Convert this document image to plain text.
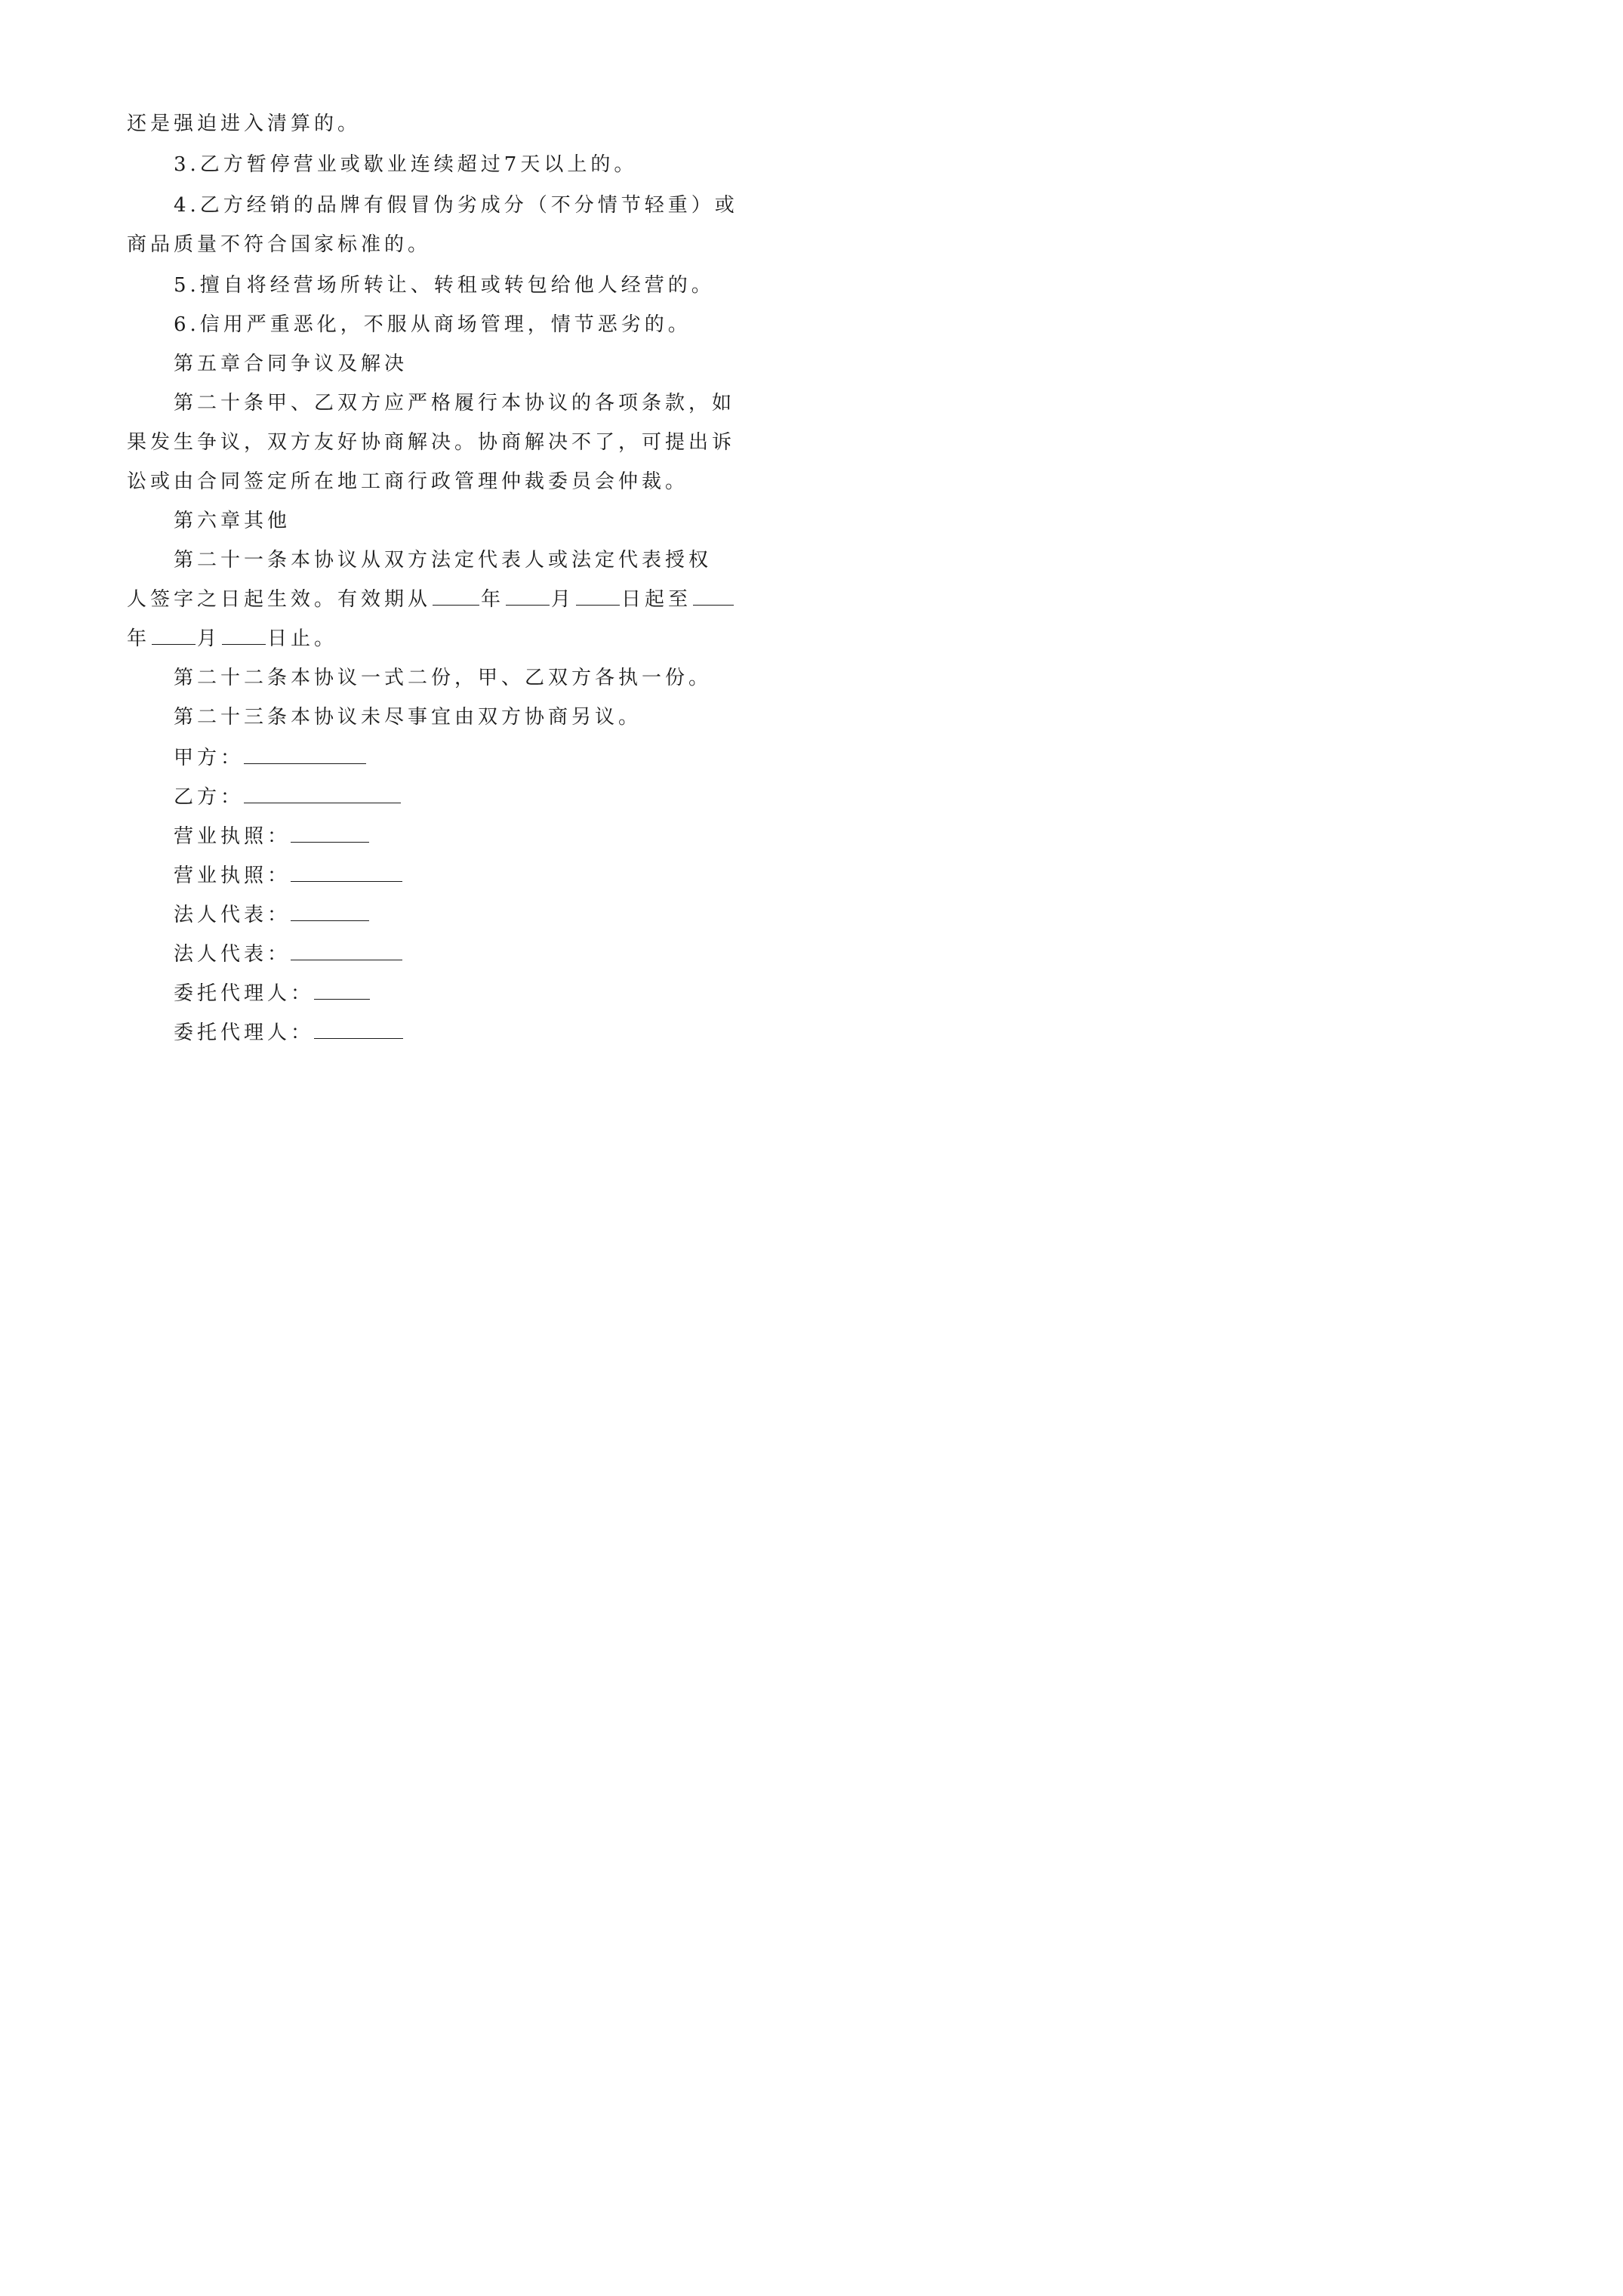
还是强迫进入清算的。
3.乙方暂停营业或歇业连续超过7天以上的。
4.乙方经销的品牌有假冒伪劣成分（不分情节轻重）或
商品质量不符合国家标准的。
5.擅自将经营场所转让、转租或转包给他人经营的。
6.信用严重恶化，不服从商场管理，情节恶劣的。
第五章合同争议及解决
第二十条甲、乙双方应严格履行本协议的各项条款，如
果发生争议，双方友好协商解决。协商解决不了，可提出诉
讼或由合同签定所在地工商行政管理仲裁委员会仲裁。
第六章其他
第二十一条本协议从双方法定代表人或法定代表授权
人签字之日起生效。有效期从	年 月 日起至
年 月 日止。
第二十二条本协议一式二份，甲、乙双方各执一份。
第二十三条本协议未尽事宜由双方协商另议。
甲方：
乙方：
营业执照：
营业执照：
法人代表：
法人代表：
委托代理人：
委托代理人：
